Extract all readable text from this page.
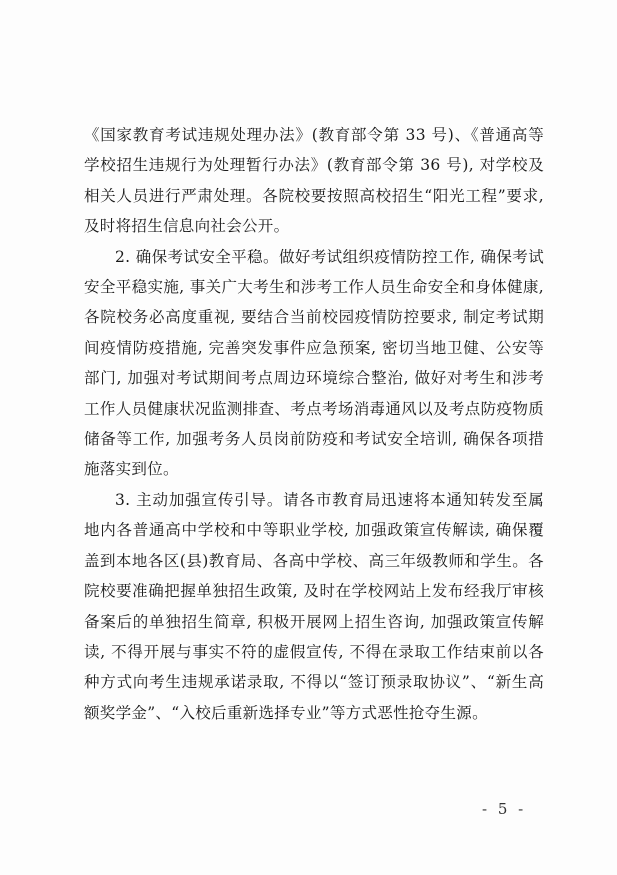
《国家教育考试违规处理办法》(教育部令第 33 号)、《普通高等学校招生违规行为处理暂行办法》(教育部令第 36 号), 对学校及相关人员进行严肃处理。各院校要按照高校招生“阳光工程”要求, 及时将招生信息向社会公开。

2. 确保考试安全平稳。做好考试组织疫情防控工作, 确保考试安全平稳实施, 事关广大考生和涉考工作人员生命安全和身体健康, 各院校务必高度重视, 要结合当前校园疫情防控要求, 制定考试期间疫情防疫措施, 完善突发事件应急预案, 密切当地卫健、公安等部门, 加强对考试期间考点周边环境综合整治, 做好对考生和涉考工作人员健康状况监测排查、考点考场消毒通风以及考点防疫物质储备等工作, 加强考务人员岗前防疫和考试安全培训, 确保各项措施落实到位。

3. 主动加强宣传引导。请各市教育局迅速将本通知转发至属地内各普通高中学校和中等职业学校, 加强政策宣传解读, 确保覆盖到本地各区(县)教育局、各高中学校、高三年级教师和学生。各院校要准确把握单独招生政策, 及时在学校网站上发布经我厅审核备案后的单独招生简章, 积极开展网上招生咨询, 加强政策宣传解读, 不得开展与事实不符的虚假宣传, 不得在录取工作结束前以各种方式向考生违规承诺录取, 不得以“签订预录取协议”、“新生高额奖学金”、“入校后重新选择专业”等方式恶性抢夺生源。

- 5 -
